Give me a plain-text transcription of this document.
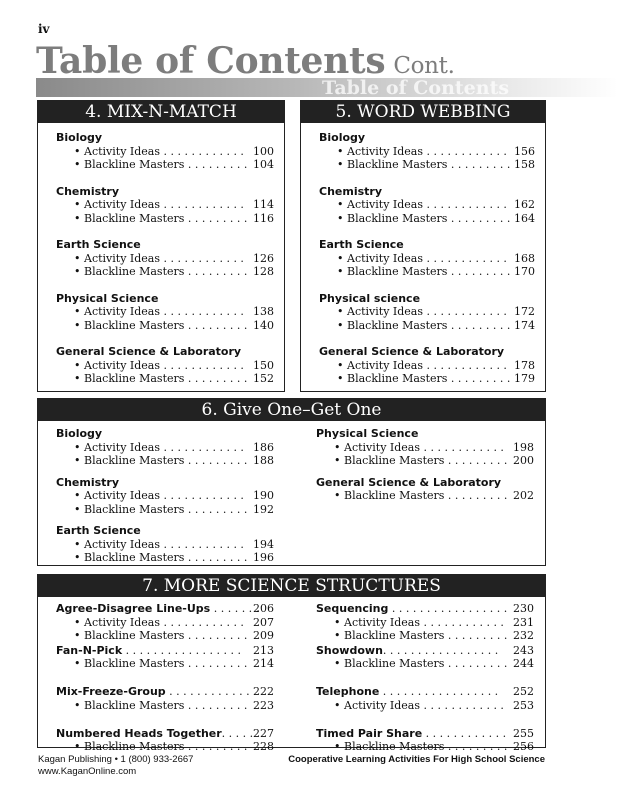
iv
Table of Contents
Table of Contents Cont.
4. MIX-N-MATCH
Biology
• Activity Ideas . . . . . . . . . . . . 100
• Blackline Masters . . . . . . . . . 104
Chemistry
• Activity Ideas . . . . . . . . . . . . 114
• Blackline Masters . . . . . . . . . 116
Earth Science
• Activity Ideas . . . . . . . . . . . . 126
• Blackline Masters . . . . . . . . . 128
Physical Science
• Activity Ideas . . . . . . . . . . . . 138
• Blackline Masters . . . . . . . . . 140
General Science & Laboratory
• Activity Ideas . . . . . . . . . . . . 150
• Blackline Masters . . . . . . . . . 152
5. WORD WEBBING
Biology
• Activity Ideas . . . . . . . . . . . . 156
• Blackline Masters . . . . . . . . . 158
Chemistry
• Activity Ideas . . . . . . . . . . . . 162
• Blackline Masters . . . . . . . . . 164
Earth Science
• Activity Ideas . . . . . . . . . . . . 168
• Blackline Masters . . . . . . . . . 170
Physical science
• Activity Ideas . . . . . . . . . . . . 172
• Blackline Masters . . . . . . . . . 174
General Science & Laboratory
• Activity Ideas . . . . . . . . . . . . 178
• Blackline Masters . . . . . . . . . 179
6. Give One–Get One
Biology
• Activity Ideas . . . . . . . . . . . . 186
• Blackline Masters . . . . . . . . . 188
Chemistry
• Activity Ideas . . . . . . . . . . . . 190
• Blackline Masters . . . . . . . . . 192
Earth Science
• Activity Ideas . . . . . . . . . . . . 194
• Blackline Masters . . . . . . . . . 196
Physical Science
• Activity Ideas . . . . . . . . . . . . 198
• Blackline Masters . . . . . . . . . 200
General Science & Laboratory
• Blackline Masters . . . . . . . . . 202
7. MORE SCIENCE STRUCTURES
Agree-Disagree Line-Ups . . . . . . .
206
• Activity Ideas . . . . . . . . . . . . 207
• Blackline Masters . . . . . . . . . 209
Fan-N-Pick . . . . . . . . . . . . . . . . . 213
• Blackline Masters . . . . . . . . . 214
Mix-Freeze-Group . . . . . . . . . . . . 222
• Blackline Masters . . . . . . . . . 223
Numbered Heads Together. . . . . 227
• Blackline Masters . . . . . . . . . 228
Sequencing . . . . . . . . . . . . . . . . . 230
• Activity Ideas . . . . . . . . . . . . 231
• Blackline Masters . . . . . . . . . 232
Showdown. . . . . . . . . . . . . . . . . 243
• Blackline Masters . . . . . . . . . 244
Telephone . . . . . . . . . . . . . . . . . 252
• Activity Ideas . . . . . . . . . . . . 253
Timed Pair Share . . . . . . . . . . . . 255
• Blackline Masters . . . . . . . . . 256
Kagan Publishing • 1 (800) 933-2667
www.KaganOnline.com
Cooperative Learning Activities For High School Science
